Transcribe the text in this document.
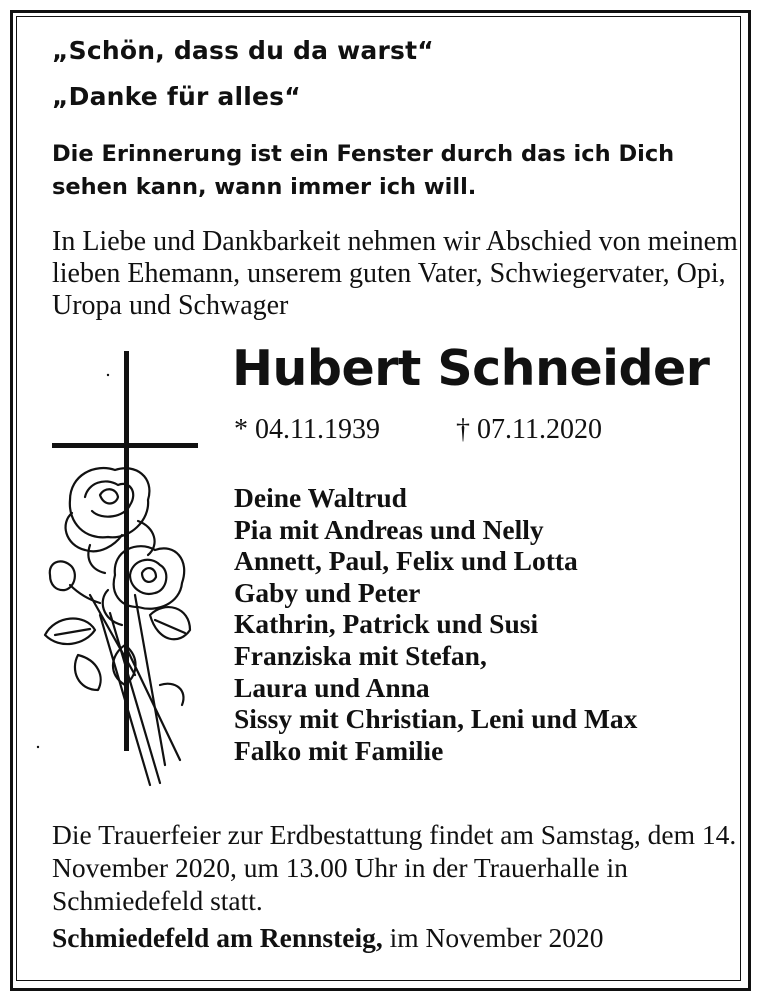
„Schön, dass du da warst“
„Danke für alles“
Die Erinnerung ist ein Fenster durch das ich Dich sehen kann, wann immer ich will.
In Liebe und Dankbarkeit nehmen wir Abschied von meinem lieben Ehemann, unserem guten Vater, Schwiegervater, Opi, Uropa und Schwager
Hubert Schneider
* 04.11.1939	† 07.11.2020
Deine Waltrud
Pia mit Andreas und Nelly
Annett, Paul, Felix und Lotta
Gaby und Peter
Kathrin, Patrick und Susi
Franziska mit Stefan,
Laura und Anna
Sissy mit Christian, Leni und Max
Falko mit Familie
Die Trauerfeier zur Erdbestattung findet am Samstag, dem 14. November 2020, um 13.00 Uhr in der Trauerhalle in Schmiedefeld statt.
Schmiedefeld am Rennsteig, im November 2020
